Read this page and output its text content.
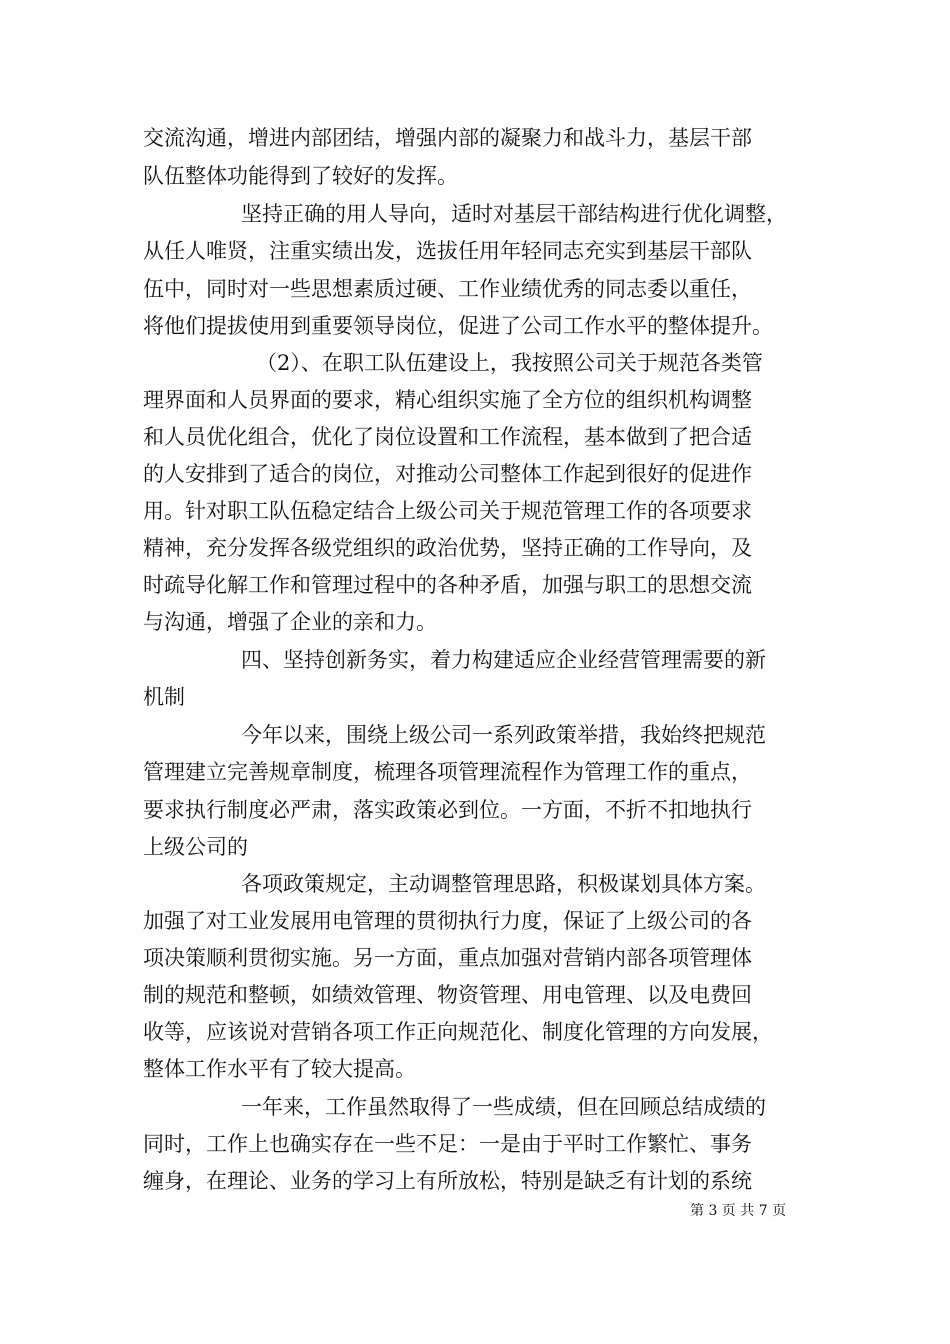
交流沟通，增进内部团结，增强内部的凝聚力和战斗力，基层干部
队伍整体功能得到了较好的发挥。
坚持正确的用人导向，适时对基层干部结构进行优化调整，
从任人唯贤，注重实绩出发，选拔任用年轻同志充实到基层干部队
伍中，同时对一些思想素质过硬、工作业绩优秀的同志委以重任，
将他们提拔使用到重要领导岗位，促进了公司工作水平的整体提升。
（2）、在职工队伍建设上，我按照公司关于规范各类管
理界面和人员界面的要求，精心组织实施了全方位的组织机构调整
和人员优化组合，优化了岗位设置和工作流程，基本做到了把合适
的人安排到了适合的岗位，对推动公司整体工作起到很好的促进作
用。针对职工队伍稳定结合上级公司关于规范管理工作的各项要求
精神，充分发挥各级党组织的政治优势，坚持正确的工作导向，及
时疏导化解工作和管理过程中的各种矛盾，加强与职工的思想交流
与沟通，增强了企业的亲和力。
四、坚持创新务实，着力构建适应企业经营管理需要的新
机制
今年以来，围绕上级公司一系列政策举措，我始终把规范
管理建立完善规章制度，梳理各项管理流程作为管理工作的重点，
要求执行制度必严肃，落实政策必到位。一方面，不折不扣地执行
上级公司的
各项政策规定，主动调整管理思路，积极谋划具体方案。
加强了对工业发展用电管理的贯彻执行力度，保证了上级公司的各
项决策顺利贯彻实施。另一方面，重点加强对营销内部各项管理体
制的规范和整顿，如绩效管理、物资管理、用电管理、以及电费回
收等，应该说对营销各项工作正向规范化、制度化管理的方向发展，
整体工作水平有了较大提高。
一年来，工作虽然取得了一些成绩，但在回顾总结成绩的
同时，工作上也确实存在一些不足：一是由于平时工作繁忙、事务
缠身，在理论、业务的学习上有所放松，特别是缺乏有计划的系统
第 3 页 共 7 页
